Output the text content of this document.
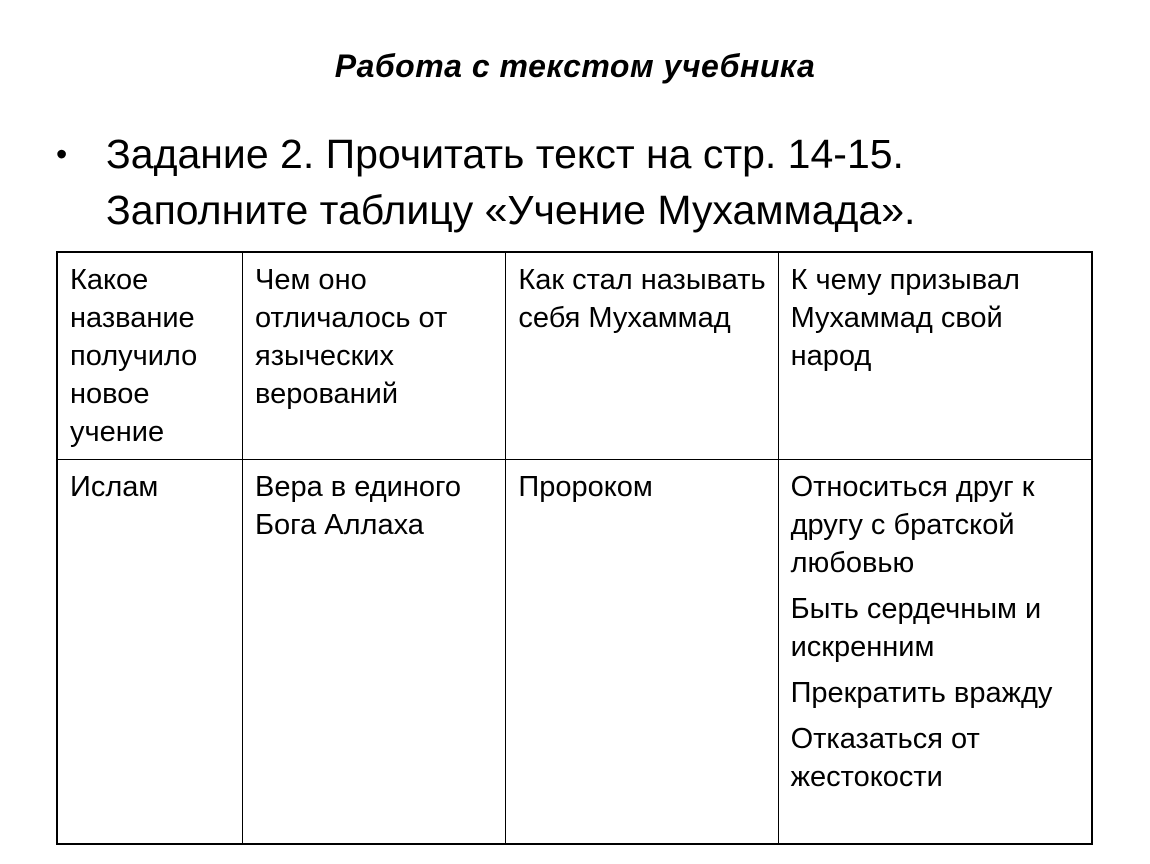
Работа с текстом учебника
• Задание 2. Прочитать текст на стр. 14-15.
Заполните таблицу «Учение Мухаммада».
Какое название получило новое учение	Чем оно отличалось от языческих верований	Как стал называть себя Мухаммад	К чему призывал Мухаммад свой народ
Ислам	Вера в единого Бога Аллаха	Пророком	Относиться друг к другу с братской любовью
Быть сердечным и искренним
Прекратить вражду
Отказаться от жестокости
